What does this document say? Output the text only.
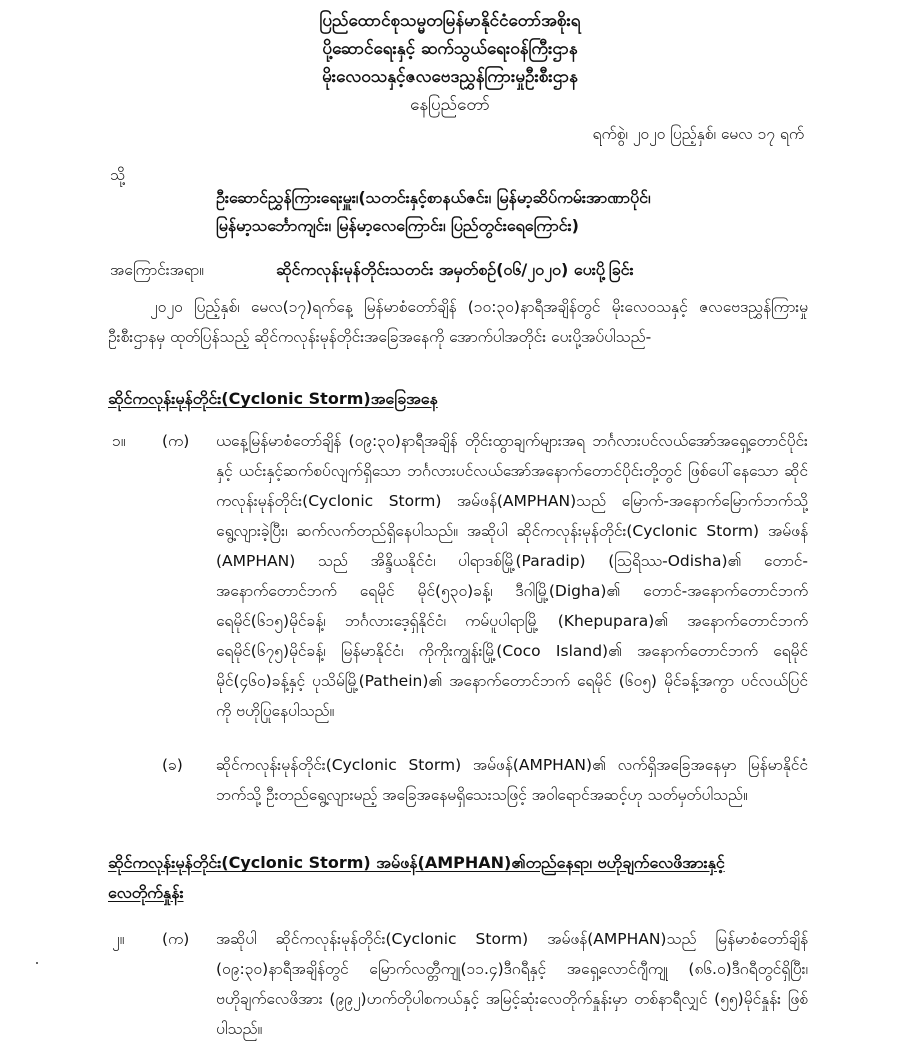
ပြည်ထောင်စုသမ္မတမြန်မာနိုင်ငံတော်အစိုးရ
ပို့ဆောင်ရေးနှင့် ဆက်သွယ်ရေးဝန်ကြီးဌာန
မိုးလေဝသနှင့်ဇလဗေဒညွှန်ကြားမှုဦးစီးဌာန
နေပြည်တော်
ရက်စွဲ၊ ၂၀၂၀ ပြည့်နှစ်၊ မေလ ၁၇ ရက်
သို့
ဦးဆောင်ညွှန်ကြားရေးမှူး၊(သတင်းနှင့်စာနယ်ဇင်း၊ မြန်မာ့ဆိပ်ကမ်းအာဏာပိုင်၊
မြန်မာ့သင်္ဘောကျင်း၊ မြန်မာ့လေကြောင်း၊ ပြည်တွင်းရေကြောင်း)
အကြောင်းအရာ။	ဆိုင်ကလုန်းမုန်တိုင်းသတင်း အမှတ်စဉ်(၀၆/၂၀၂၀) ပေးပို့ခြင်း
၂၀၂၀ ပြည့်နှစ်၊ မေလ(၁၇)ရက်နေ့ မြန်မာစံတော်ချိန် (၁၀:၃၀)နာရီအချိန်တွင် မိုးလေဝသနှင့် ဇလဗေဒညွှန်ကြားမှုဦးစီးဌာနမှ ထုတ်ပြန်သည့် ဆိုင်ကလုန်းမုန်တိုင်းအခြေအနေကို အောက်ပါအတိုင်း ပေးပို့အပ်ပါသည်-
ဆိုင်ကလုန်းမုန်တိုင်း(Cyclonic Storm)အခြေအနေ
၁။ (က) ယနေ့မြန်မာစံတော်ချိန် (၀၉:၃၀)နာရီအချိန် တိုင်းထွာချက်များအရ ဘင်္ဂလားပင်လယ်အော်အရှေ့တောင်ပိုင်းနှင့် ယင်းနှင့်ဆက်စပ်လျက်ရှိသော ဘင်္ဂလားပင်လယ်အော်အနောက်တောင်ပိုင်းတို့တွင် ဖြစ်ပေါ်နေသော ဆိုင်ကလုန်းမုန်တိုင်း(Cyclonic Storm) အမ်ဖန်(AMPHAN)သည် မြောက်-အနောက်မြောက်ဘက်သို့ ရွေ့လျားခဲ့ပြီး၊ ဆက်လက်တည်ရှိနေပါသည်။ အဆိုပါ ဆိုင်ကလုန်းမုန်တိုင်း(Cyclonic Storm) အမ်ဖန် (AMPHAN) သည် အိန္ဒိယနိုင်ငံ၊ ပါရာဒစ်မြို့(Paradip) (ဩရိဿ-Odisha)၏ တောင်-အနောက်တောင်ဘက် ရေမိုင် မိုင်(၅၃၀)ခန့်၊ ဒီဂါမြို့(Digha)၏ တောင်-အနောက်တောင်ဘက် ရေမိုင်(၆၁၅)မိုင်ခန့်၊ ဘင်္ဂလားဒေ့ရှ်နိုင်ငံ၊ ကမ်ပူပါရာမြို့ (Khepupara)၏ အနောက်တောင်ဘက် ရေမိုင်(၆၇၅)မိုင်ခန့်၊ မြန်မာနိုင်ငံ၊ ကိုကိုးကျွန်းမြို့(Coco Island)၏ အနောက်တောင်ဘက် ရေမိုင် မိုင်(၄၆၀)ခန့်နှင့် ပုသိမ်မြို့(Pathein)၏ အနောက်တောင်ဘက် ရေမိုင် (၆၀၅) မိုင်ခန့်အကွာ ပင်လယ်ပြင်ကို ဗဟိုပြုနေပါသည်။
(ခ) ဆိုင်ကလုန်းမုန်တိုင်း(Cyclonic Storm) အမ်ဖန်(AMPHAN)၏ လက်ရှိအခြေအနေမှာ မြန်မာနိုင်ငံဘက်သို့ ဦးတည်ရွေ့လျားမည့် အခြေအနေမရှိသေးသဖြင့် အဝါရောင်အဆင့်ဟု သတ်မှတ်ပါသည်။
ဆိုင်ကလုန်းမုန်တိုင်း(Cyclonic Storm) အမ်ဖန်(AMPHAN)၏တည်နေရာ၊ ဗဟိုချက်လေဖိအားနှင့်
လေတိုက်နှုန်း
၂။ (က) အဆိုပါ ဆိုင်ကလုန်းမုန်တိုင်း(Cyclonic Storm) အမ်ဖန်(AMPHAN)သည် မြန်မာစံတော်ချိန် (၀၉:၃၀)နာရီအချိန်တွင် မြောက်လတ္တီကျု(၁၁.၄)ဒီဂရီနှင့် အရှေ့လောင်ဂျီကျု (၈၆.၀)ဒီဂရီတွင်ရှိပြီး၊ ဗဟိုချက်လေဖိအား (၉၉၂)ဟက်တိုပါစကယ်နှင့် အမြင့်ဆုံးလေတိုက်နှုန်းမှာ တစ်နာရီလျှင် (၅၅)မိုင်နှုန်း ဖြစ်ပါသည်။
